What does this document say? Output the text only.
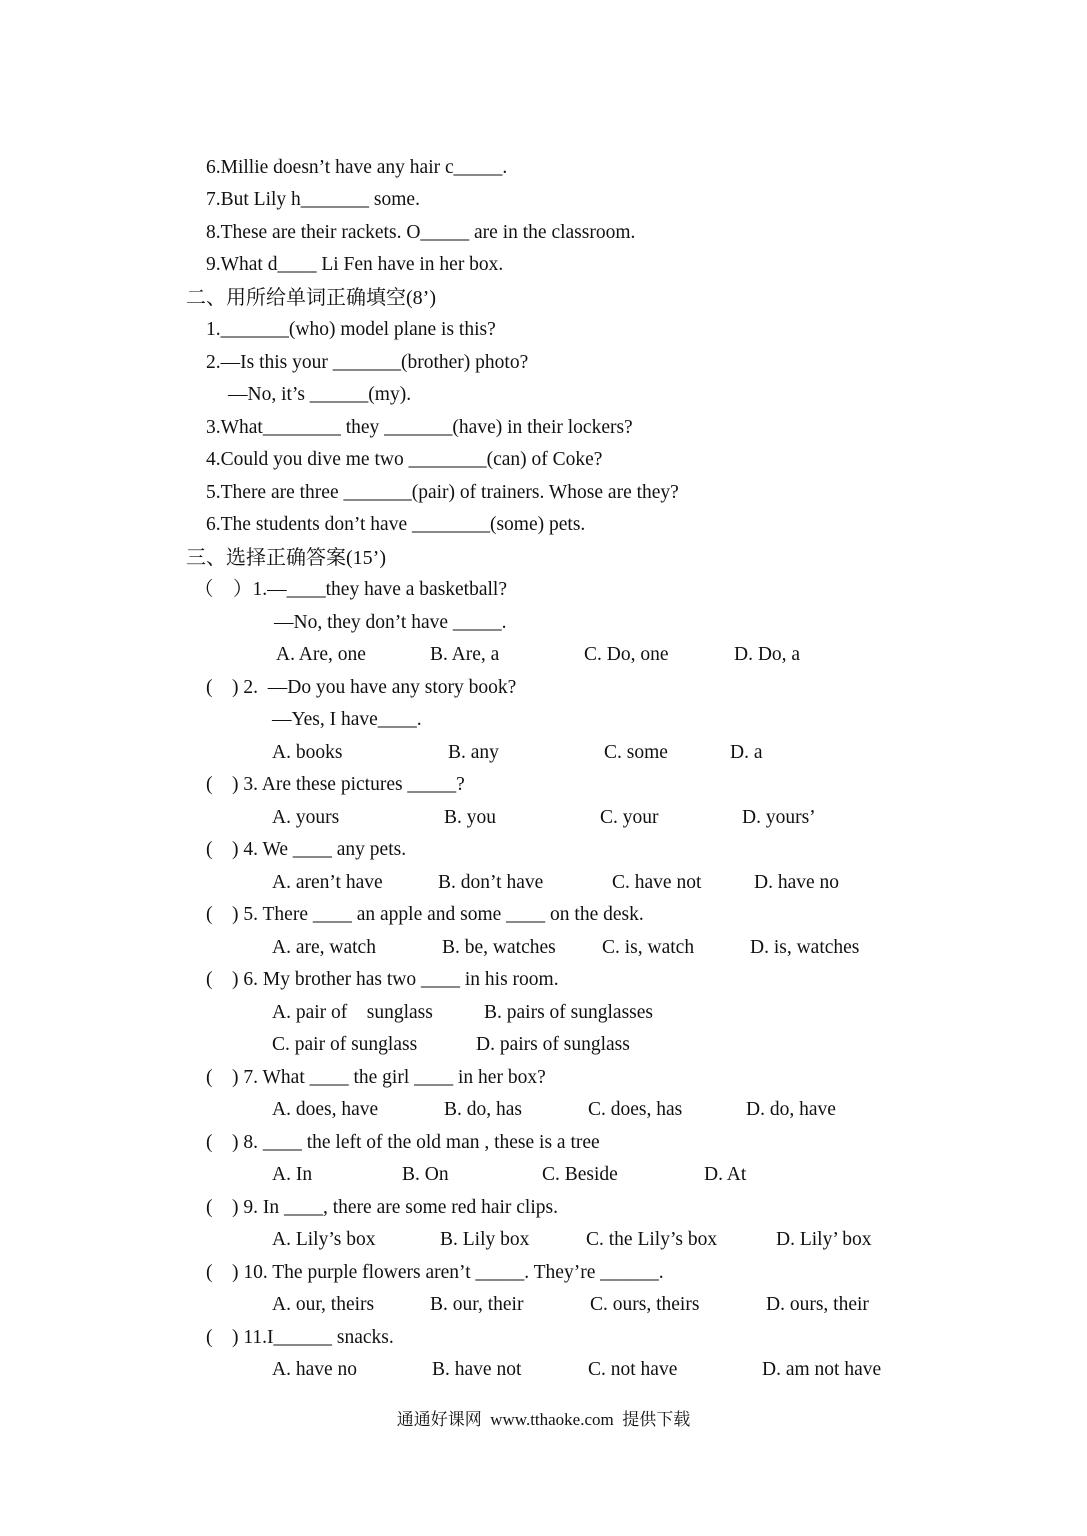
6.Millie doesn’t have any hair c_____.
7.But Lily h_______ some.
8.These are their rackets. O_____ are in the classroom.
9.What d____ Li Fen have in her box.
二、用所给单词正确填空(8’)
1._______(who) model plane is this?
2.—Is this your _______(brother) photo?
—No, it’s ______(my).
3.What________ they _______(have) in their lockers?
4.Could you dive me two ________(can) of Coke?
5.There are three _______(pair) of trainers. Whose are they?
6.The students don’t have ________(some) pets.
三、选择正确答案(15’)
（    ）1.—____they have a basketball?
—No, they don’t have _____.
A. Are, one	B. Are, a	C. Do, one	D. Do, a
(    ) 2.  —Do you have any story book?
—Yes, I have____.
A. books	B. any	C. some	D. a
(    ) 3. Are these pictures _____?
A. yours	B. you	C. your	D. yours’
(    ) 4. We ____ any pets.
A. aren’t have	B. don’t have	C. have not	D. have no
(    ) 5. There ____ an apple and some ____ on the desk.
A. are, watch	B. be, watches C. is, watch	D. is, watches
(    ) 6. My brother has two ____ in his room.
A. pair of    sunglass	B. pairs of sunglasses
C. pair of sunglass	D. pairs of sunglass
(    ) 7. What ____ the girl ____ in her box?
A. does, have	B. do, has	C. does, has	D. do, have
(    ) 8. ____ the left of the old man , these is a tree
A. In	B. On	C. Beside	D. At
(    ) 9. In ____, there are some red hair clips.
A. Lily’s box	B. Lily box	C. the Lily’s box	D. Lily’ box
(    ) 10. The purple flowers aren’t _____. They’re ______.
A. our, theirs	B. our, their	C. ours, theirs	D. ours, their
(    ) 11.I______ snacks.
A. have no	B. have not	C. not have	D. am not have
通通好课网  www.tthaoke.com  提供下载
